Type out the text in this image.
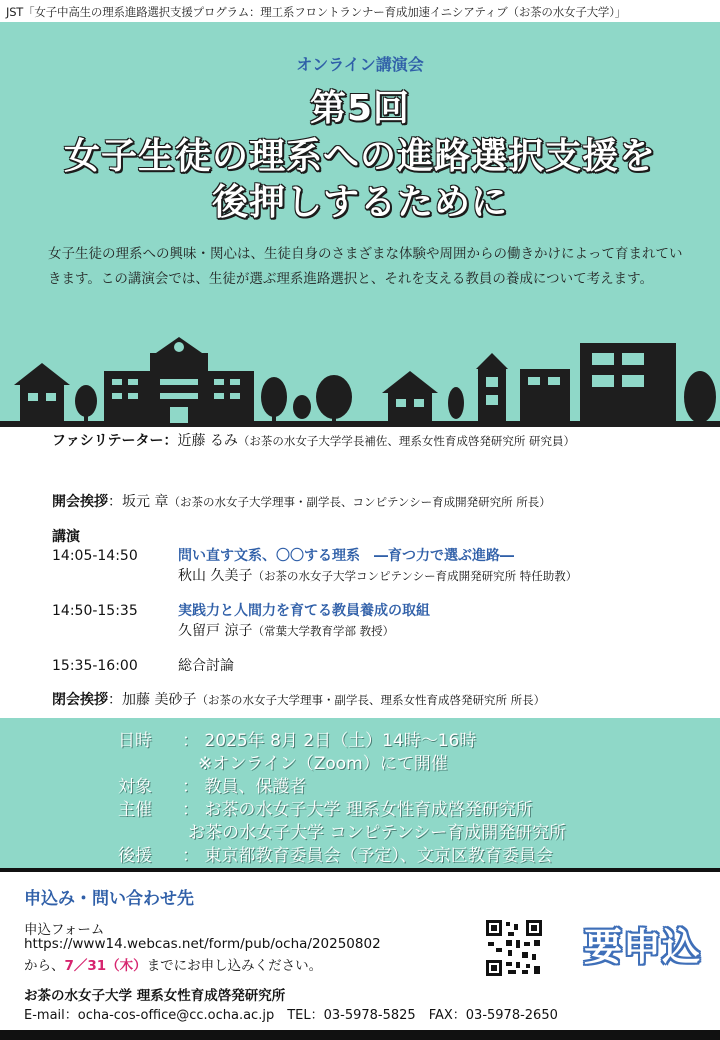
JST「女子中高生の理系進路選択支援プログラム：理工系フロントランナー育成加速イニシアティブ（お茶の水女子大学）」
オンライン講演会
第5回
女子生徒の理系への進路選択支援を
後押しするために
女子生徒の理系への興味・関心は、生徒自身のさまざまな体験や周囲からの働きかけによって育まれていきます。この講演会では、生徒が選ぶ理系進路選択と、それを支える教員の養成について考えます。
ファシリテーター：近藤 るみ（お茶の水女子大学学長補佐、理系女性育成啓発研究所 研究員）
開会挨拶：坂元 章（お茶の水女子大学理事・副学長、コンピテンシー育成開発研究所 所長）
講演
14:05-14:50	問い直す文系、〇〇する理系　―育つ力で選ぶ進路―
秋山 久美子（お茶の水女子大学コンピテンシー育成開発研究所 特任助教）
14:50-15:35	実践力と人間力を育てる教員養成の取組
久留戸 涼子（常葉大学教育学部 教授）
15:35-16:00	総合討論
閉会挨拶：加藤 美砂子（お茶の水女子大学理事・副学長、理系女性育成啓発研究所 所長）
日時 ： 2025年 8月 2日（土）14時～16時
※オンライン（Zoom）にて開催
対象 ： 教員、保護者
主催 ： お茶の水女子大学 理系女性育成啓発研究所
お茶の水女子大学 コンピテンシー育成開発研究所
後援 ： 東京都教育委員会（予定）、文京区教育委員会
申込み・問い合わせ先
申込フォーム
https://www14.webcas.net/form/pub/ocha/20250802
から、7／31（木）までにお申し込みください。	要申込
お茶の水女子大学 理系女性育成啓発研究所
E-mail：ocha-cos-office@cc.ocha.ac.jp　TEL：03-5978-5825　FAX：03-5978-2650
